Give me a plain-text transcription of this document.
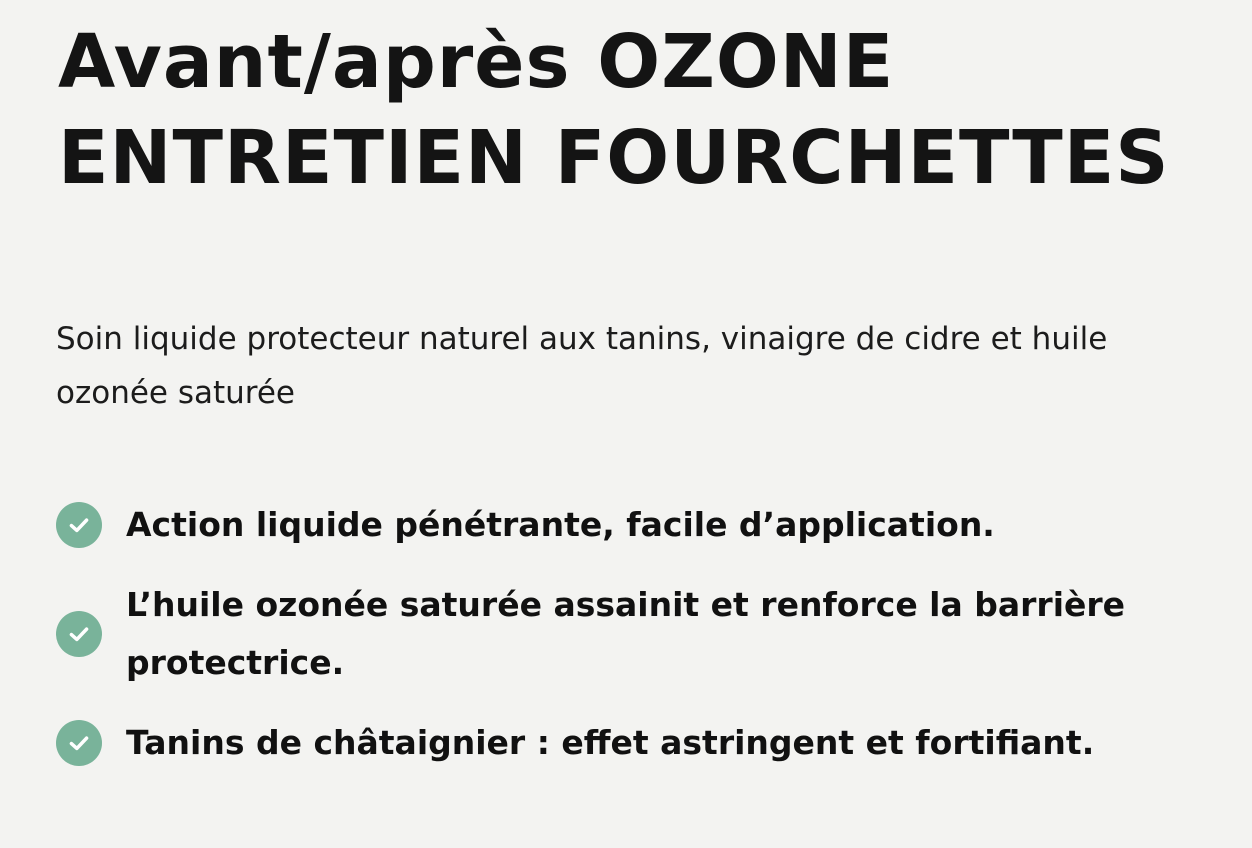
Avant/après OZONE
ENTRETIEN FOURCHETTES

Soin liquide protecteur naturel aux tanins, vinaigre de cidre et huile ozonée saturée

Action liquide pénétrante, facile d’application.
L’huile ozonée saturée assainit et renforce la barrière protectrice.
Tanins de châtaignier : effet astringent et fortifiant.
